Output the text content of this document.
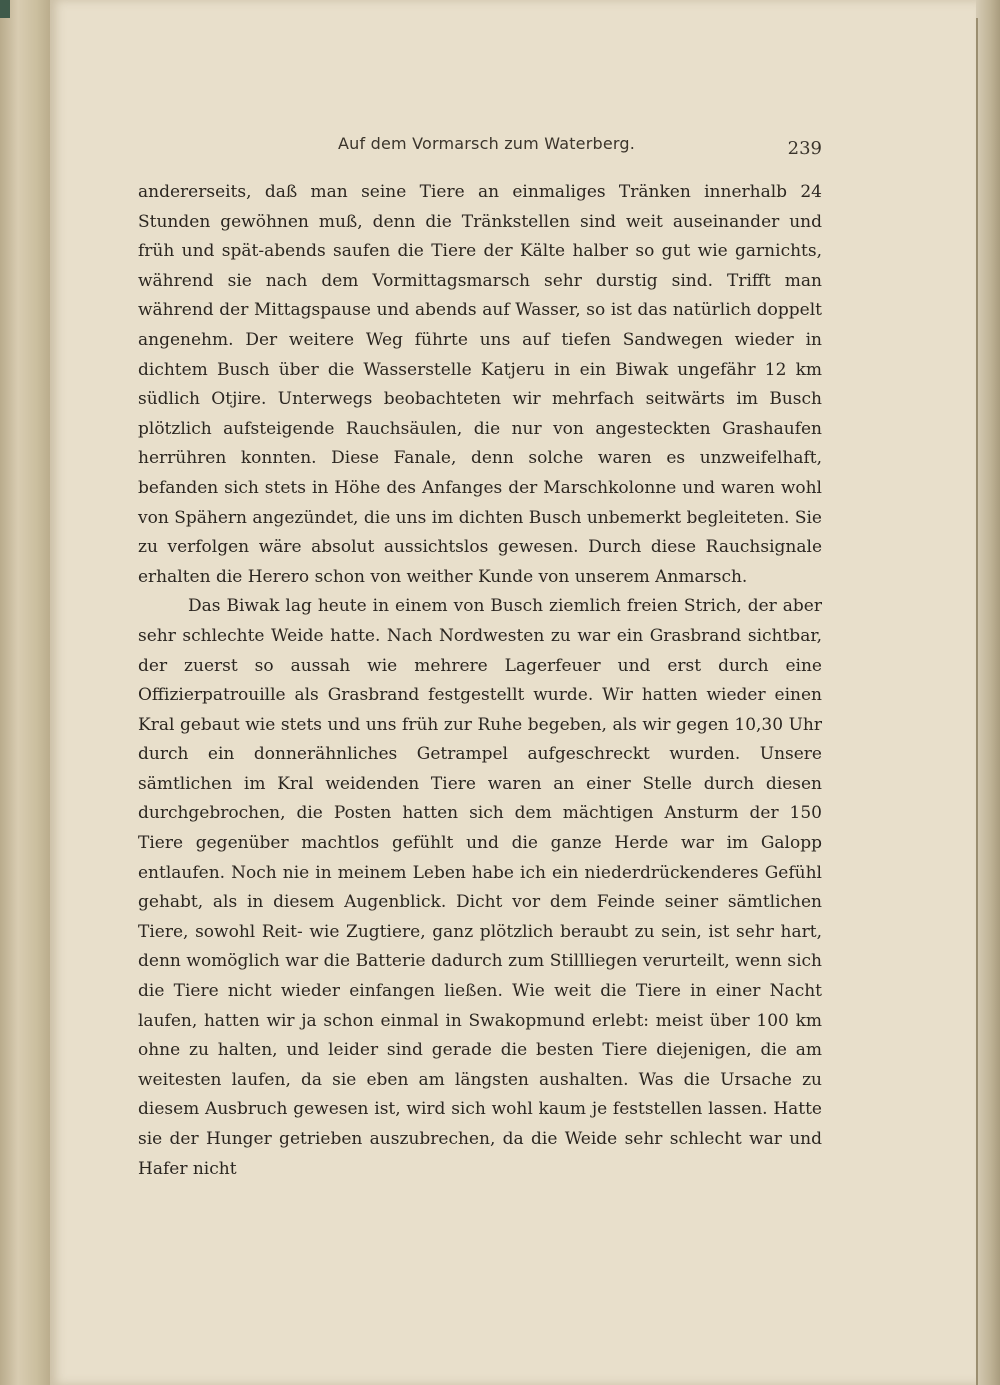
Auf dem Vormarsch zum Waterberg.	239

andererseits, daß man seine Tiere an einmaliges Tränken innerhalb 24 Stunden gewöhnen muß, denn die Tränkstellen sind weit auseinander und früh und spät-abends saufen die Tiere der Kälte halber so gut wie garnichts, während sie nach dem Vormittagsmarsch sehr durstig sind. Trifft man während der Mittagspause und abends auf Wasser, so ist das natürlich doppelt angenehm. Der weitere Weg führte uns auf tiefen Sandwegen wieder in dichtem Busch über die Wasserstelle Katjeru in ein Biwak ungefähr 12 km südlich Otjire. Unterwegs beobachteten wir mehrfach seitwärts im Busch plötzlich aufsteigende Rauchsäulen, die nur von angesteckten Grashaufen herrühren konnten. Diese Fanale, denn solche waren es unzweifelhaft, befanden sich stets in Höhe des Anfanges der Marschkolonne und waren wohl von Spähern angezündet, die uns im dichten Busch unbemerkt begleiteten. Sie zu verfolgen wäre absolut aussichtslos gewesen. Durch diese Rauchsignale erhalten die Herero schon von weither Kunde von unserem Anmarsch.

Das Biwak lag heute in einem von Busch ziemlich freien Strich, der aber sehr schlechte Weide hatte. Nach Nordwesten zu war ein Grasbrand sichtbar, der zuerst so aussah wie mehrere Lagerfeuer und erst durch eine Offizierpatrouille als Grasbrand festgestellt wurde. Wir hatten wieder einen Kral gebaut wie stets und uns früh zur Ruhe begeben, als wir gegen 10,30 Uhr durch ein donnerähnliches Getrampel aufgeschreckt wurden. Unsere sämtlichen im Kral weidenden Tiere waren an einer Stelle durch diesen durchgebrochen, die Posten hatten sich dem mächtigen Ansturm der 150 Tiere gegenüber machtlos gefühlt und die ganze Herde war im Galopp entlaufen. Noch nie in meinem Leben habe ich ein niederdrückenderes Gefühl gehabt, als in diesem Augenblick. Dicht vor dem Feinde seiner sämtlichen Tiere, sowohl Reit- wie Zugtiere, ganz plötzlich beraubt zu sein, ist sehr hart, denn womöglich war die Batterie dadurch zum Stillliegen verurteilt, wenn sich die Tiere nicht wieder einfangen ließen. Wie weit die Tiere in einer Nacht laufen, hatten wir ja schon einmal in Swakopmund erlebt: meist über 100 km ohne zu halten, und leider sind gerade die besten Tiere diejenigen, die am weitesten laufen, da sie eben am längsten aushalten. Was die Ursache zu diesem Ausbruch gewesen ist, wird sich wohl kaum je feststellen lassen. Hatte sie der Hunger getrieben auszubrechen, da die Weide sehr schlecht war und Hafer nicht
